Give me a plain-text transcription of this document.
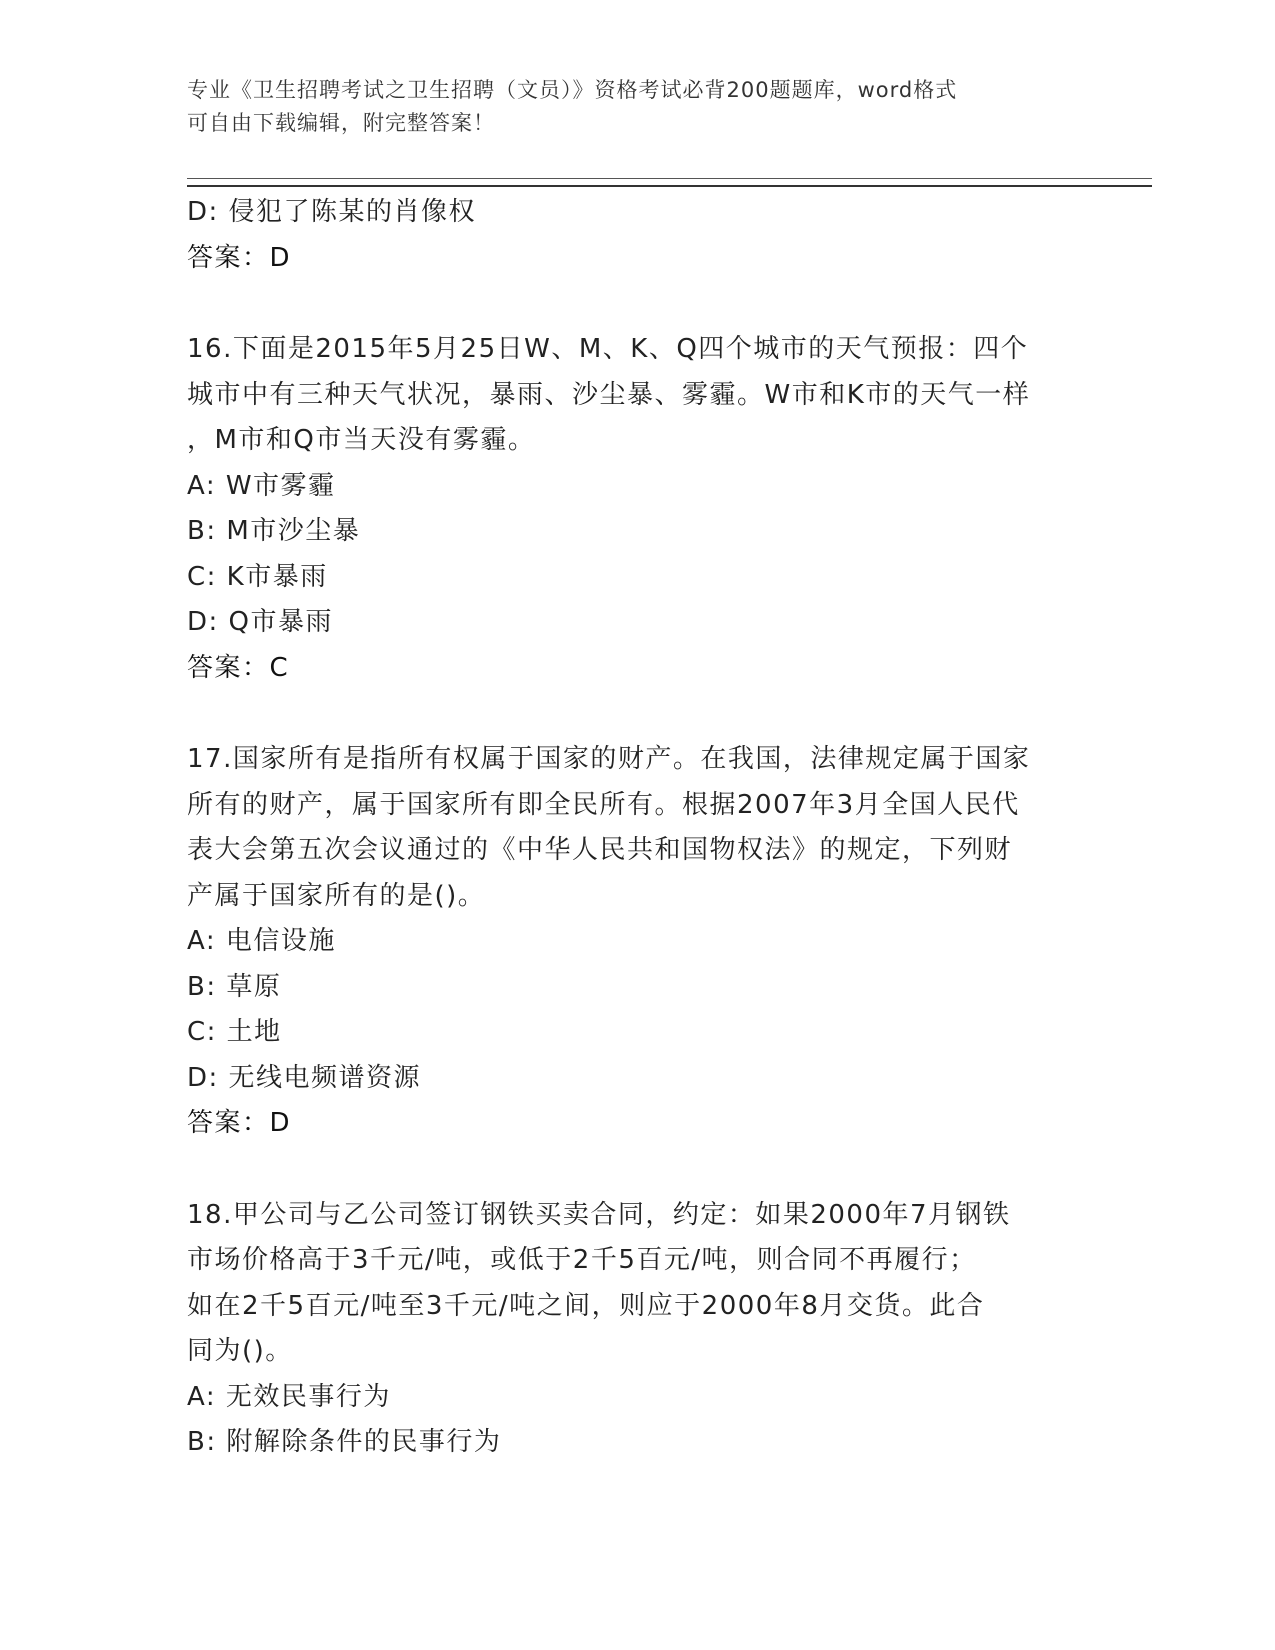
专业《卫生招聘考试之卫生招聘（文员）》资格考试必背200题题库，word格式
可自由下载编辑，附完整答案！
D: 侵犯了陈某的肖像权
答案：D
16.下面是2015年5月25日W、M、K、Q四个城市的天气预报：四个
城市中有三种天气状况，暴雨、沙尘暴、雾霾。W市和K市的天气一样
，M市和Q市当天没有雾霾。
A: W市雾霾
B: M市沙尘暴
C: K市暴雨
D: Q市暴雨
答案：C
17.国家所有是指所有权属于国家的财产。在我国，法律规定属于国家
所有的财产，属于国家所有即全民所有。根据2007年3月全国人民代
表大会第五次会议通过的《中华人民共和国物权法》的规定，下列财
产属于国家所有的是()。
A: 电信设施
B: 草原
C: 土地
D: 无线电频谱资源
答案：D
18.甲公司与乙公司签订钢铁买卖合同，约定：如果2000年7月钢铁
市场价格高于3千元/吨，或低于2千5百元/吨，则合同不再履行；
如在2千5百元/吨至3千元/吨之间，则应于2000年8月交货。此合
同为()。
A: 无效民事行为
B: 附解除条件的民事行为
